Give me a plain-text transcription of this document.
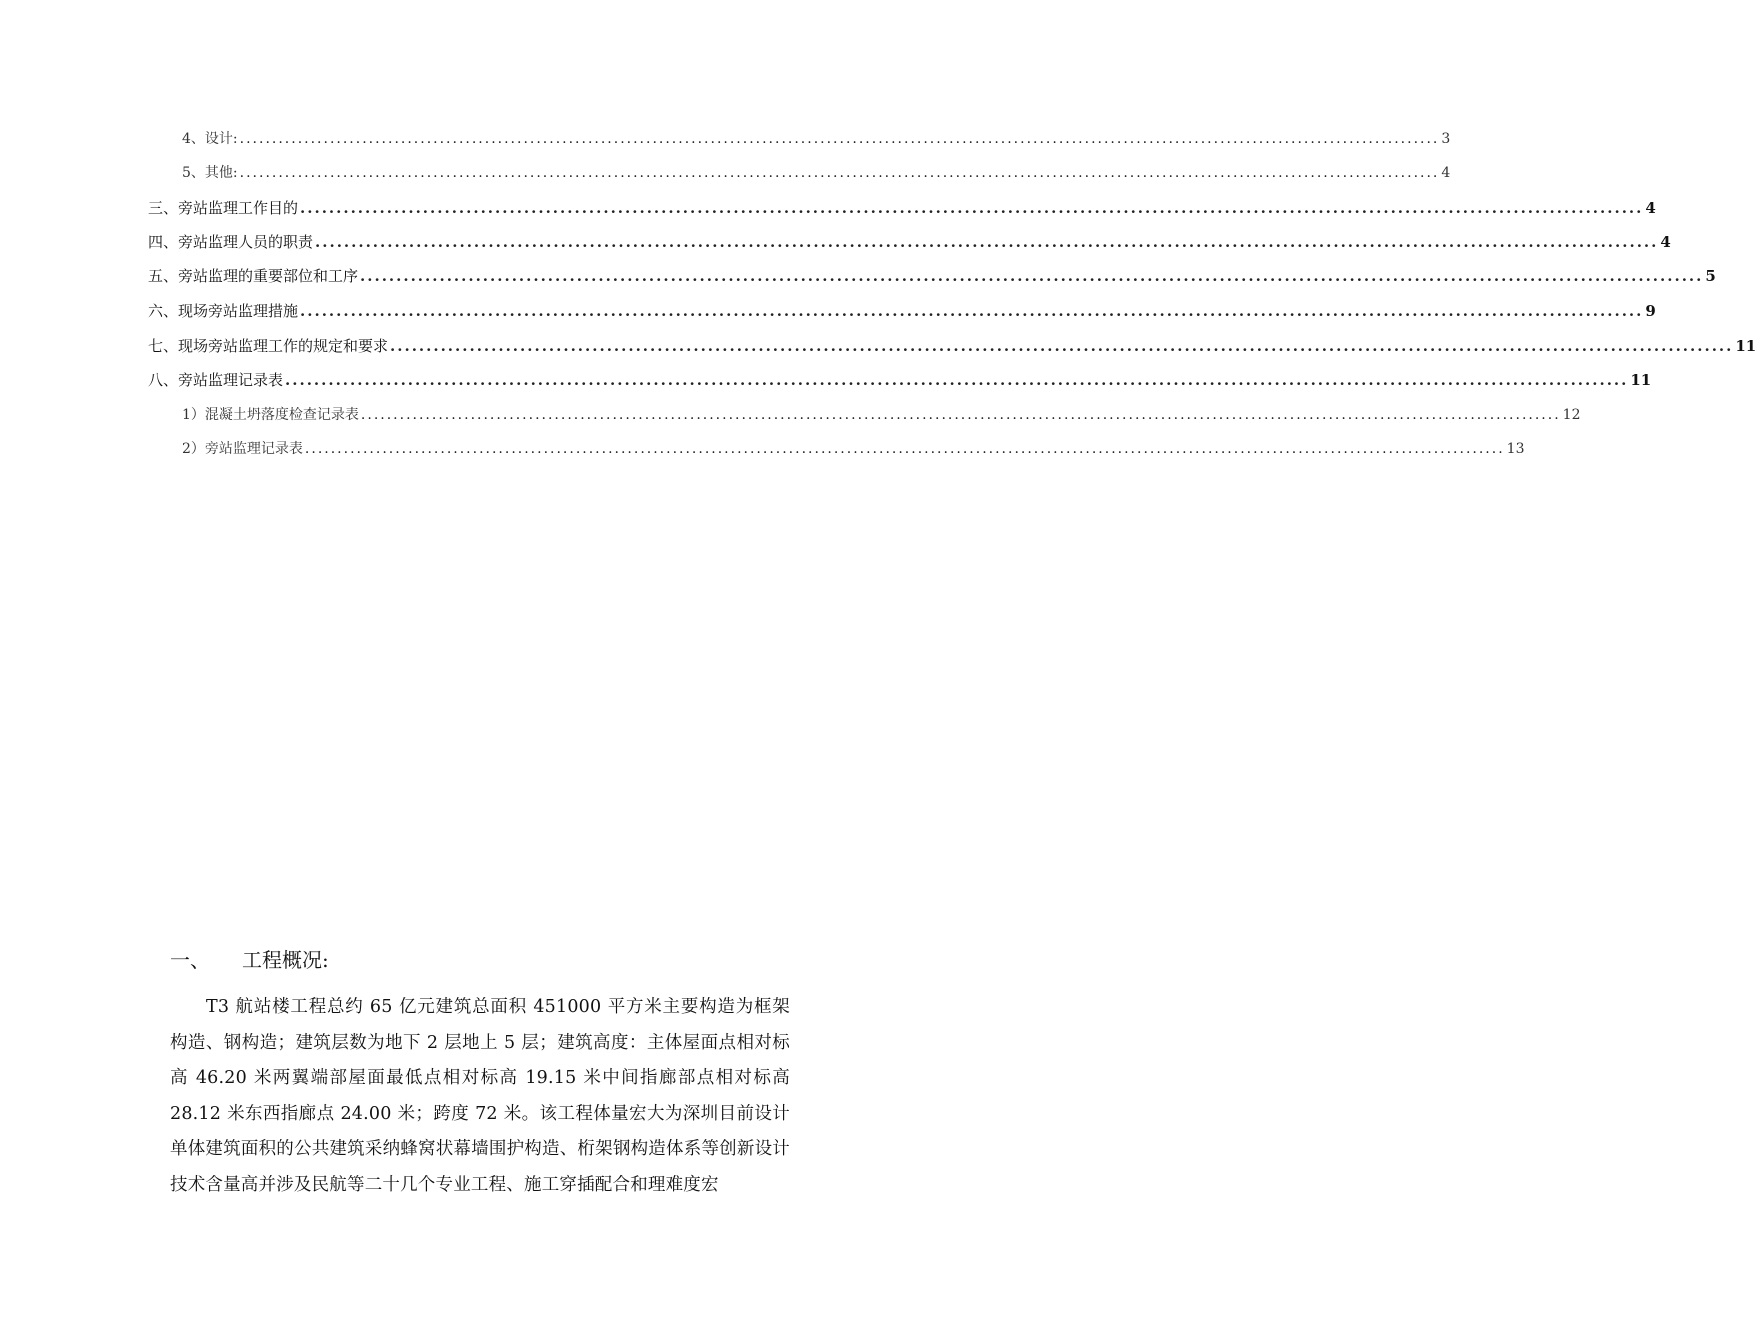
4、 设计: .......................................................................................................................................................................................... 3
5、 其他: .......................................................................................................................................................................................... 4
三、 旁站监理工作目的 .......................................................................................................................................................................................... 4
四、 旁站监理人员的职责 .......................................................................................................................................................................................... 4
五、 旁站监理的重要部位和工序 .......................................................................................................................................................................................... 5
六、 现场旁站监理措施 .......................................................................................................................................................................................... 9
七、 现场旁站监理工作的规定和要求 .......................................................................................................................................................................................... 11
八、 旁站监理记录表 .......................................................................................................................................................................................... 11
1） 混凝土坍落度检查记录表 .......................................................................................................................................................................................... 12
2） 旁站监理记录表 .......................................................................................................................................................................................... 13
一、 工程概况:

T3 航站楼工程总约 65 亿元建筑总面积 451000 平方米主要构造为框架构造、钢构造；建筑层数为地下 2 层地上 5 层；建筑高度：主体屋面点相对标高 46.20 米两翼端部屋面最低点相对标高 19.15 米中间指廊部点相对标高 28.12 米东西指廊点 24.00 米；跨度 72 米。该工程体量宏大为深圳目前设计单体建筑面积的公共建筑采纳蜂窝状幕墙围护构造、桁架钢构造体系等创新设计技术含量高并涉及民航等二十几个专业工程、施工穿插配合和理难度宏
